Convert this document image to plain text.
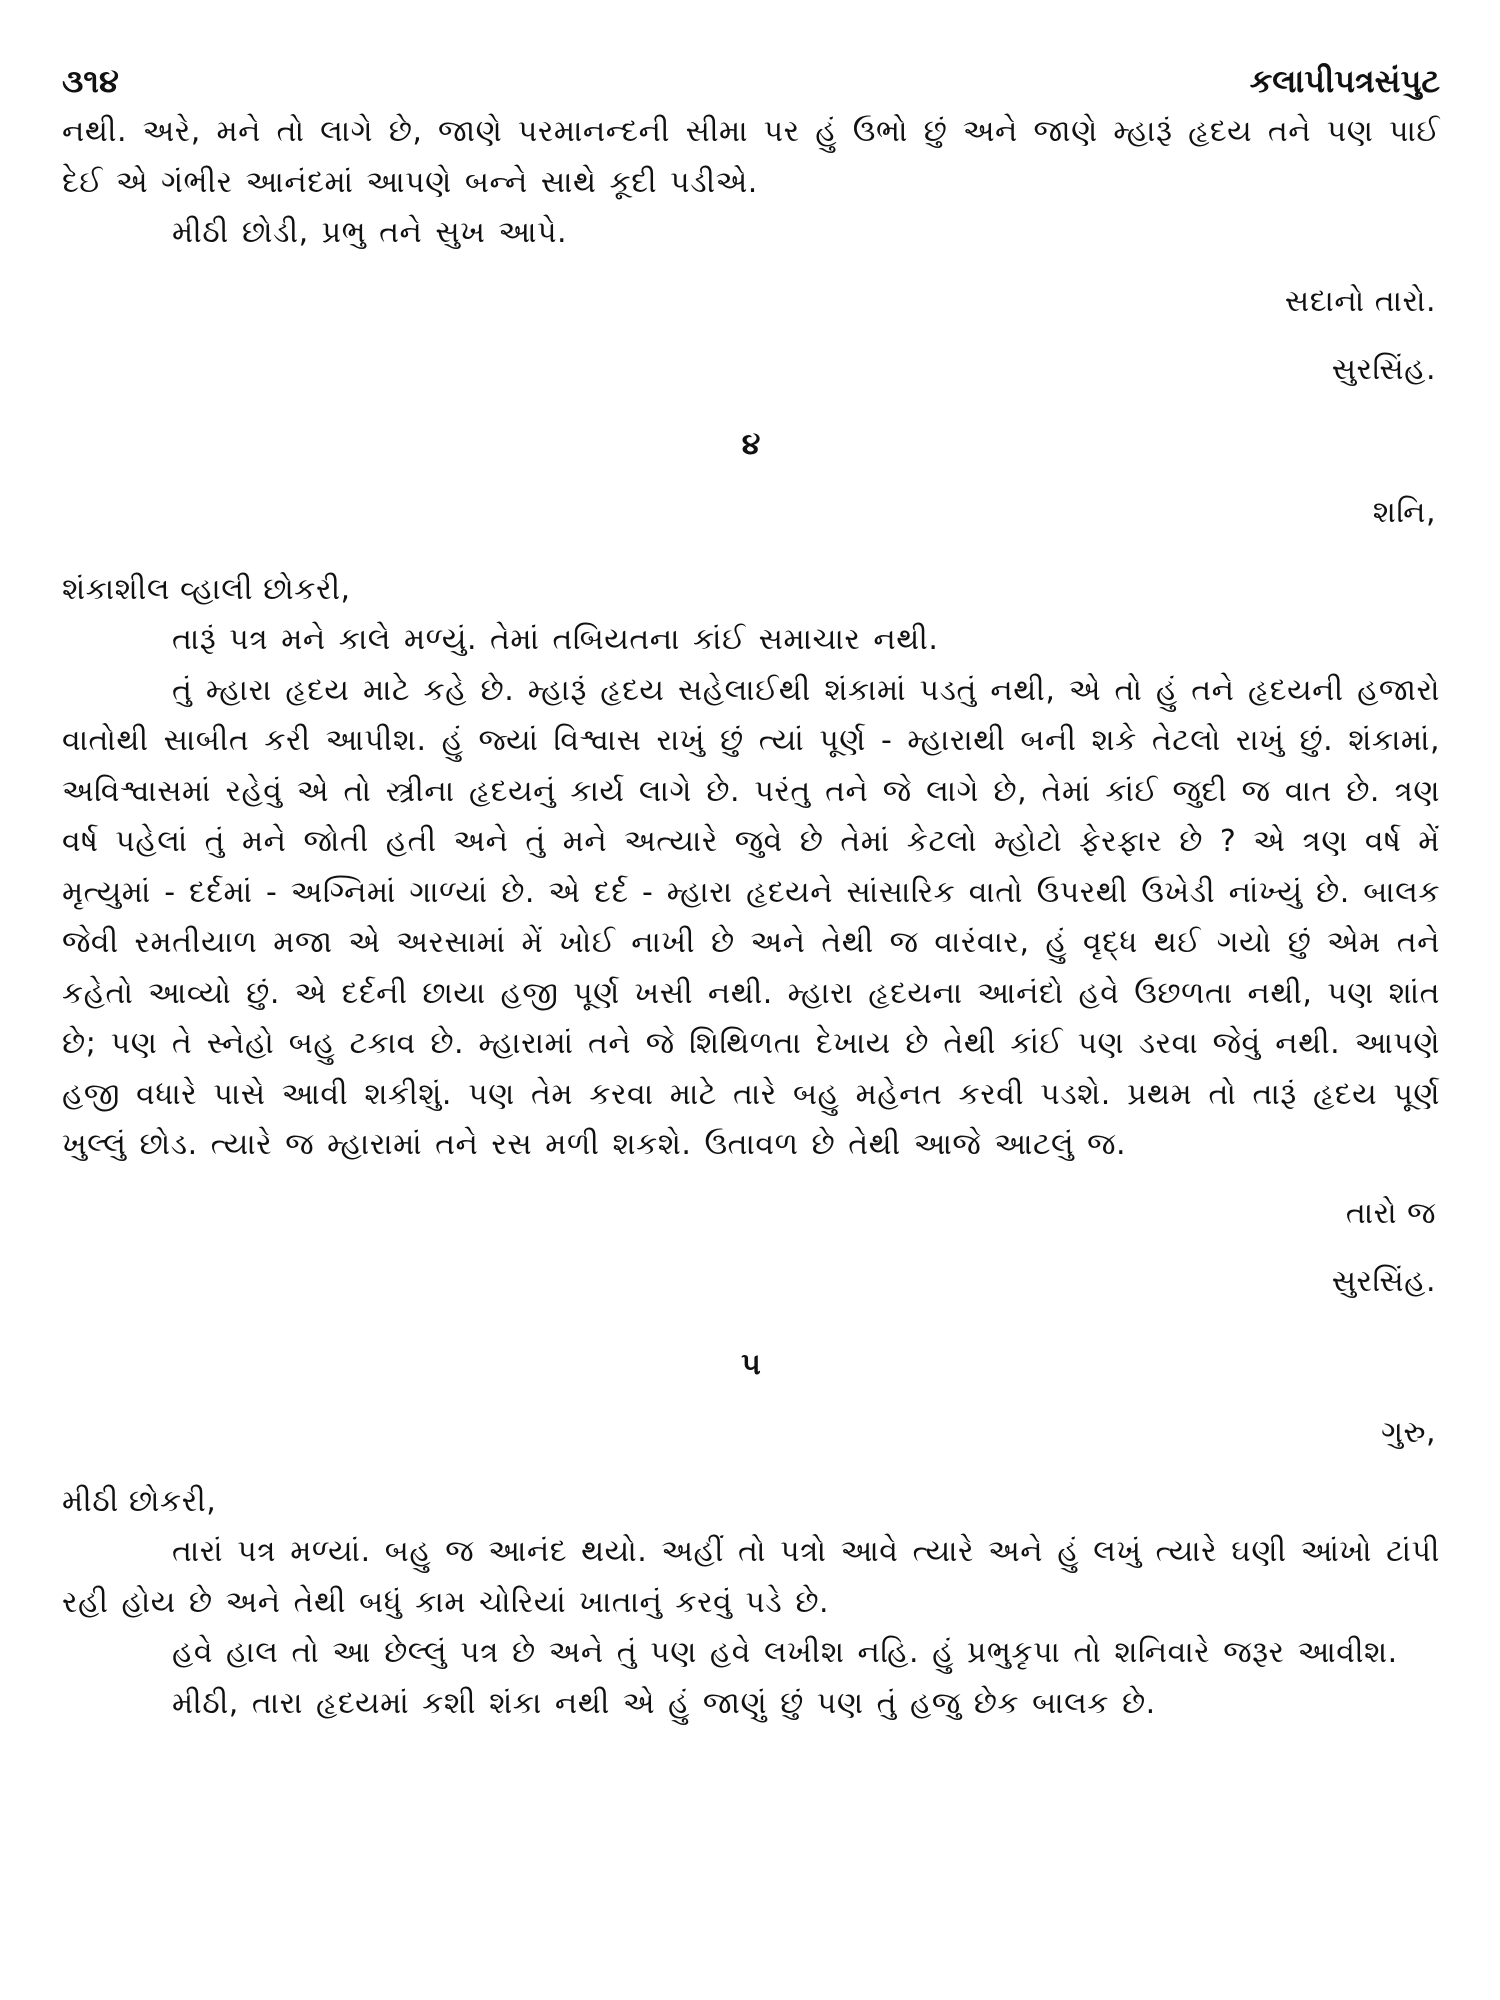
૩૧૪	કલાપીપત્રસંપુટ

નથી. અરે, મને તો લાગે છે, જાણે પરમાનન્દની સીમા પર હું ઉભો છું અને જાણે મ્હારૂં હૃદય તને પણ પાઈ દેઈ એ ગંભીર આનંદમાં આપણે બન્ને સાથે કૂદી પડીએ.

મીઠી છોડી, પ્રભુ તને સુખ આપે.

સદાનો તારો.

સુરસિંહ.

૪

શનિ,

શંકાશીલ વ્હાલી છોકરી,

તારૂં પત્ર મને કાલે મળ્યું. તેમાં તબિયતના કાંઈ સમાચાર નથી.

તું મ્હારા હૃદય માટે કહે છે. મ્હારૂં હૃદય સહેલાઈથી શંકામાં પડતું નથી, એ તો હું તને હૃદયની હજારો વાતોથી સાબીત કરી આપીશ. હું જ્યાં વિશ્વાસ રાખું છું ત્યાં પૂર્ણ - મ્હારાથી બની શકે તેટલો રાખું છું. શંકામાં, અવિશ્વાસમાં રહેવું એ તો સ્ત્રીના હૃદયનું કાર્ય લાગે છે. પરંતુ તને જે લાગે છે, તેમાં કાંઈ જુદી જ વાત છે. ત્રણ વર્ષ પહેલાં તું મને જોતી હતી અને તું મને અત્યારે જુવે છે તેમાં કેટલો મ્હોટો ફેરફાર છે ? એ ત્રણ વર્ષ મેં મૃત્યુમાં - દર્દમાં - અગ્નિમાં ગાળ્યાં છે. એ દર્દ - મ્હારા હૃદયને સાંસારિક વાતો ઉપરથી ઉખેડી નાંખ્યું છે. બાલક જેવી રમતીયાળ મજા એ અરસામાં મેં ખોઈ નાખી છે અને તેથી જ વારંવાર, હું વૃદ્ધ થઈ ગયો છું એમ તને કહેતો આવ્યો છું. એ દર્દની છાયા હજી પૂર્ણ ખસી નથી. મ્હારા હૃદયના આનંદો હવે ઉછળતા નથી, પણ શાંત છે; પણ તે સ્નેહો બહુ ટકાવ છે. મ્હારામાં તને જે શિથિળતા દેખાય છે તેથી કાંઈ પણ ડરવા જેવું નથી. આપણે હજી વધારે પાસે આવી શકીશું. પણ તેમ કરવા માટે તારે બહુ મહેનત કરવી પડશે. પ્રથમ તો તારૂં હૃદય પૂર્ણ ખુલ્લું છોડ. ત્યારે જ મ્હારામાં તને રસ મળી શકશે. ઉતાવળ છે તેથી આજે આટલું જ.

તારો જ

સુરસિંહ.

૫

ગુરુ,

મીઠી છોકરી,

તારાં પત્ર મળ્યાં. બહુ જ આનંદ થયો. અહીં તો પત્રો આવે ત્યારે અને હું લખું ત્યારે ઘણી આંખો ટાંપી રહી હોય છે અને તેથી બધું કામ ચોરિયાં ખાતાનું કરવું પડે છે.

હવે હાલ તો આ છેલ્લું પત્ર છે અને તું પણ હવે લખીશ નહિ. હું પ્રભુકૃપા તો શનિવારે જરૂર આવીશ.

મીઠી, તારા હૃદયમાં કશી શંકા નથી એ હું જાણું છું પણ તું હજુ છેક બાલક છે.
